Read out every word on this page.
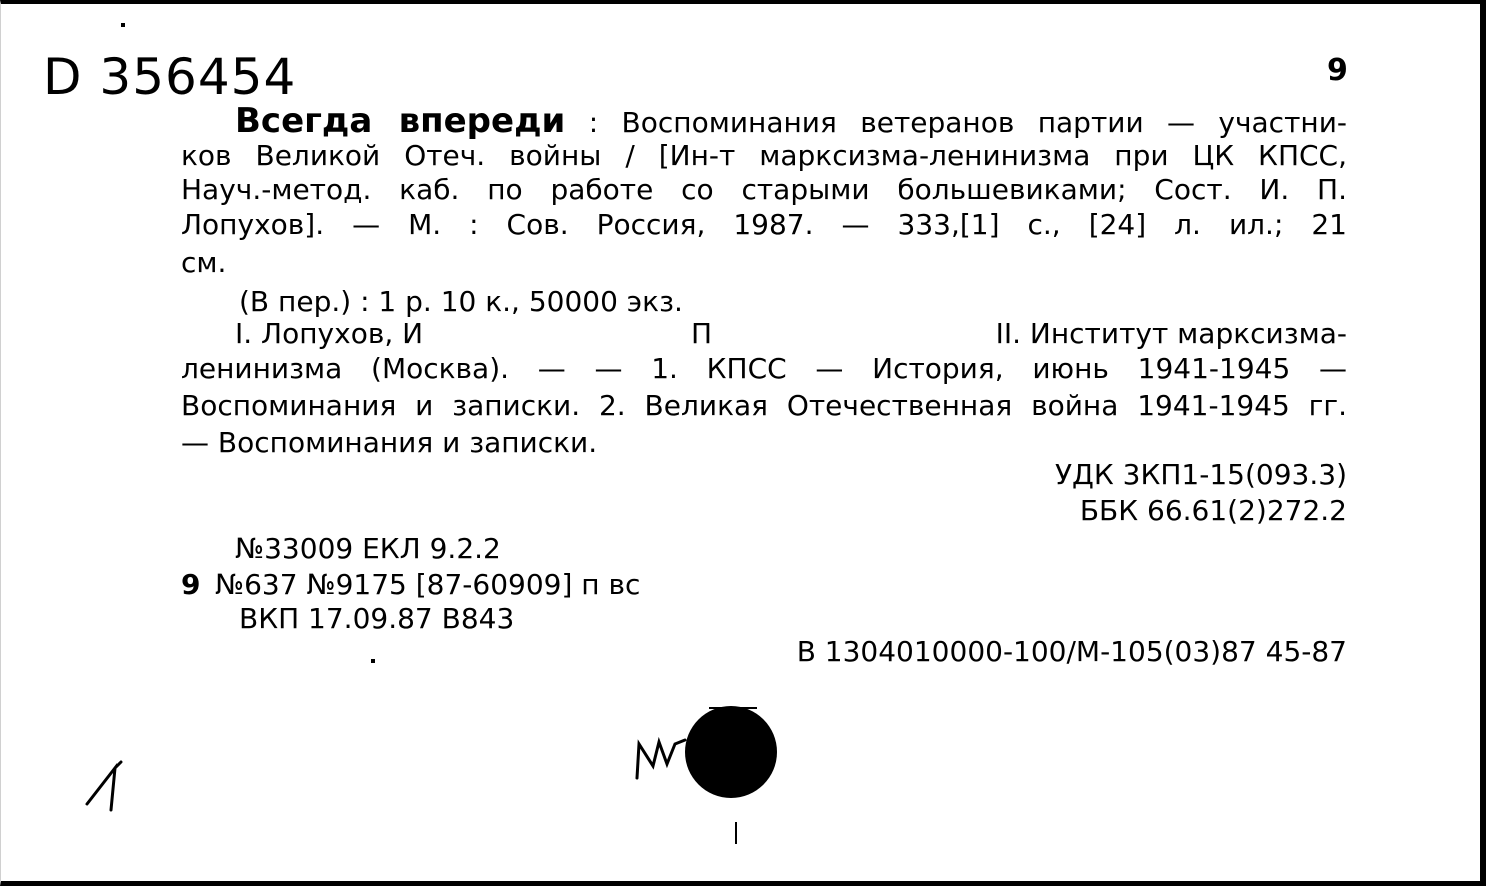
D 356454	9
Всегда впереди : Воспоминания ветеранов партии — участни-
ков Великой Отеч. войны / [Ин-т марксизма-ленинизма при ЦК КПСС,
Науч.-метод. каб. по работе со старыми большевиками; Сост. И. П.
Лопухов]. — М. : Сов. Россия, 1987. — 333,[1] с., [24] л. ил.; 21
см.
(В пер.) : 1 р. 10 к., 50000 экз.
I. Лопухов, И	П	II. Институт марксизма-
ленинизма (Москва). — — 1. КПСС — История, июнь 1941-1945 —
Воспоминания и записки. 2. Великая Отечественная война 1941-1945 гг.
— Воспоминания и записки.
УДК 3КП1-15(093.3)
ББК 66.61(2)272.2
№33009 ЕКЛ 9.2.2
9 №637 №9175 [87-60909] п вс
ВКП 17.09.87 В843
В 1304010000-100/М-105(03)87 45-87
